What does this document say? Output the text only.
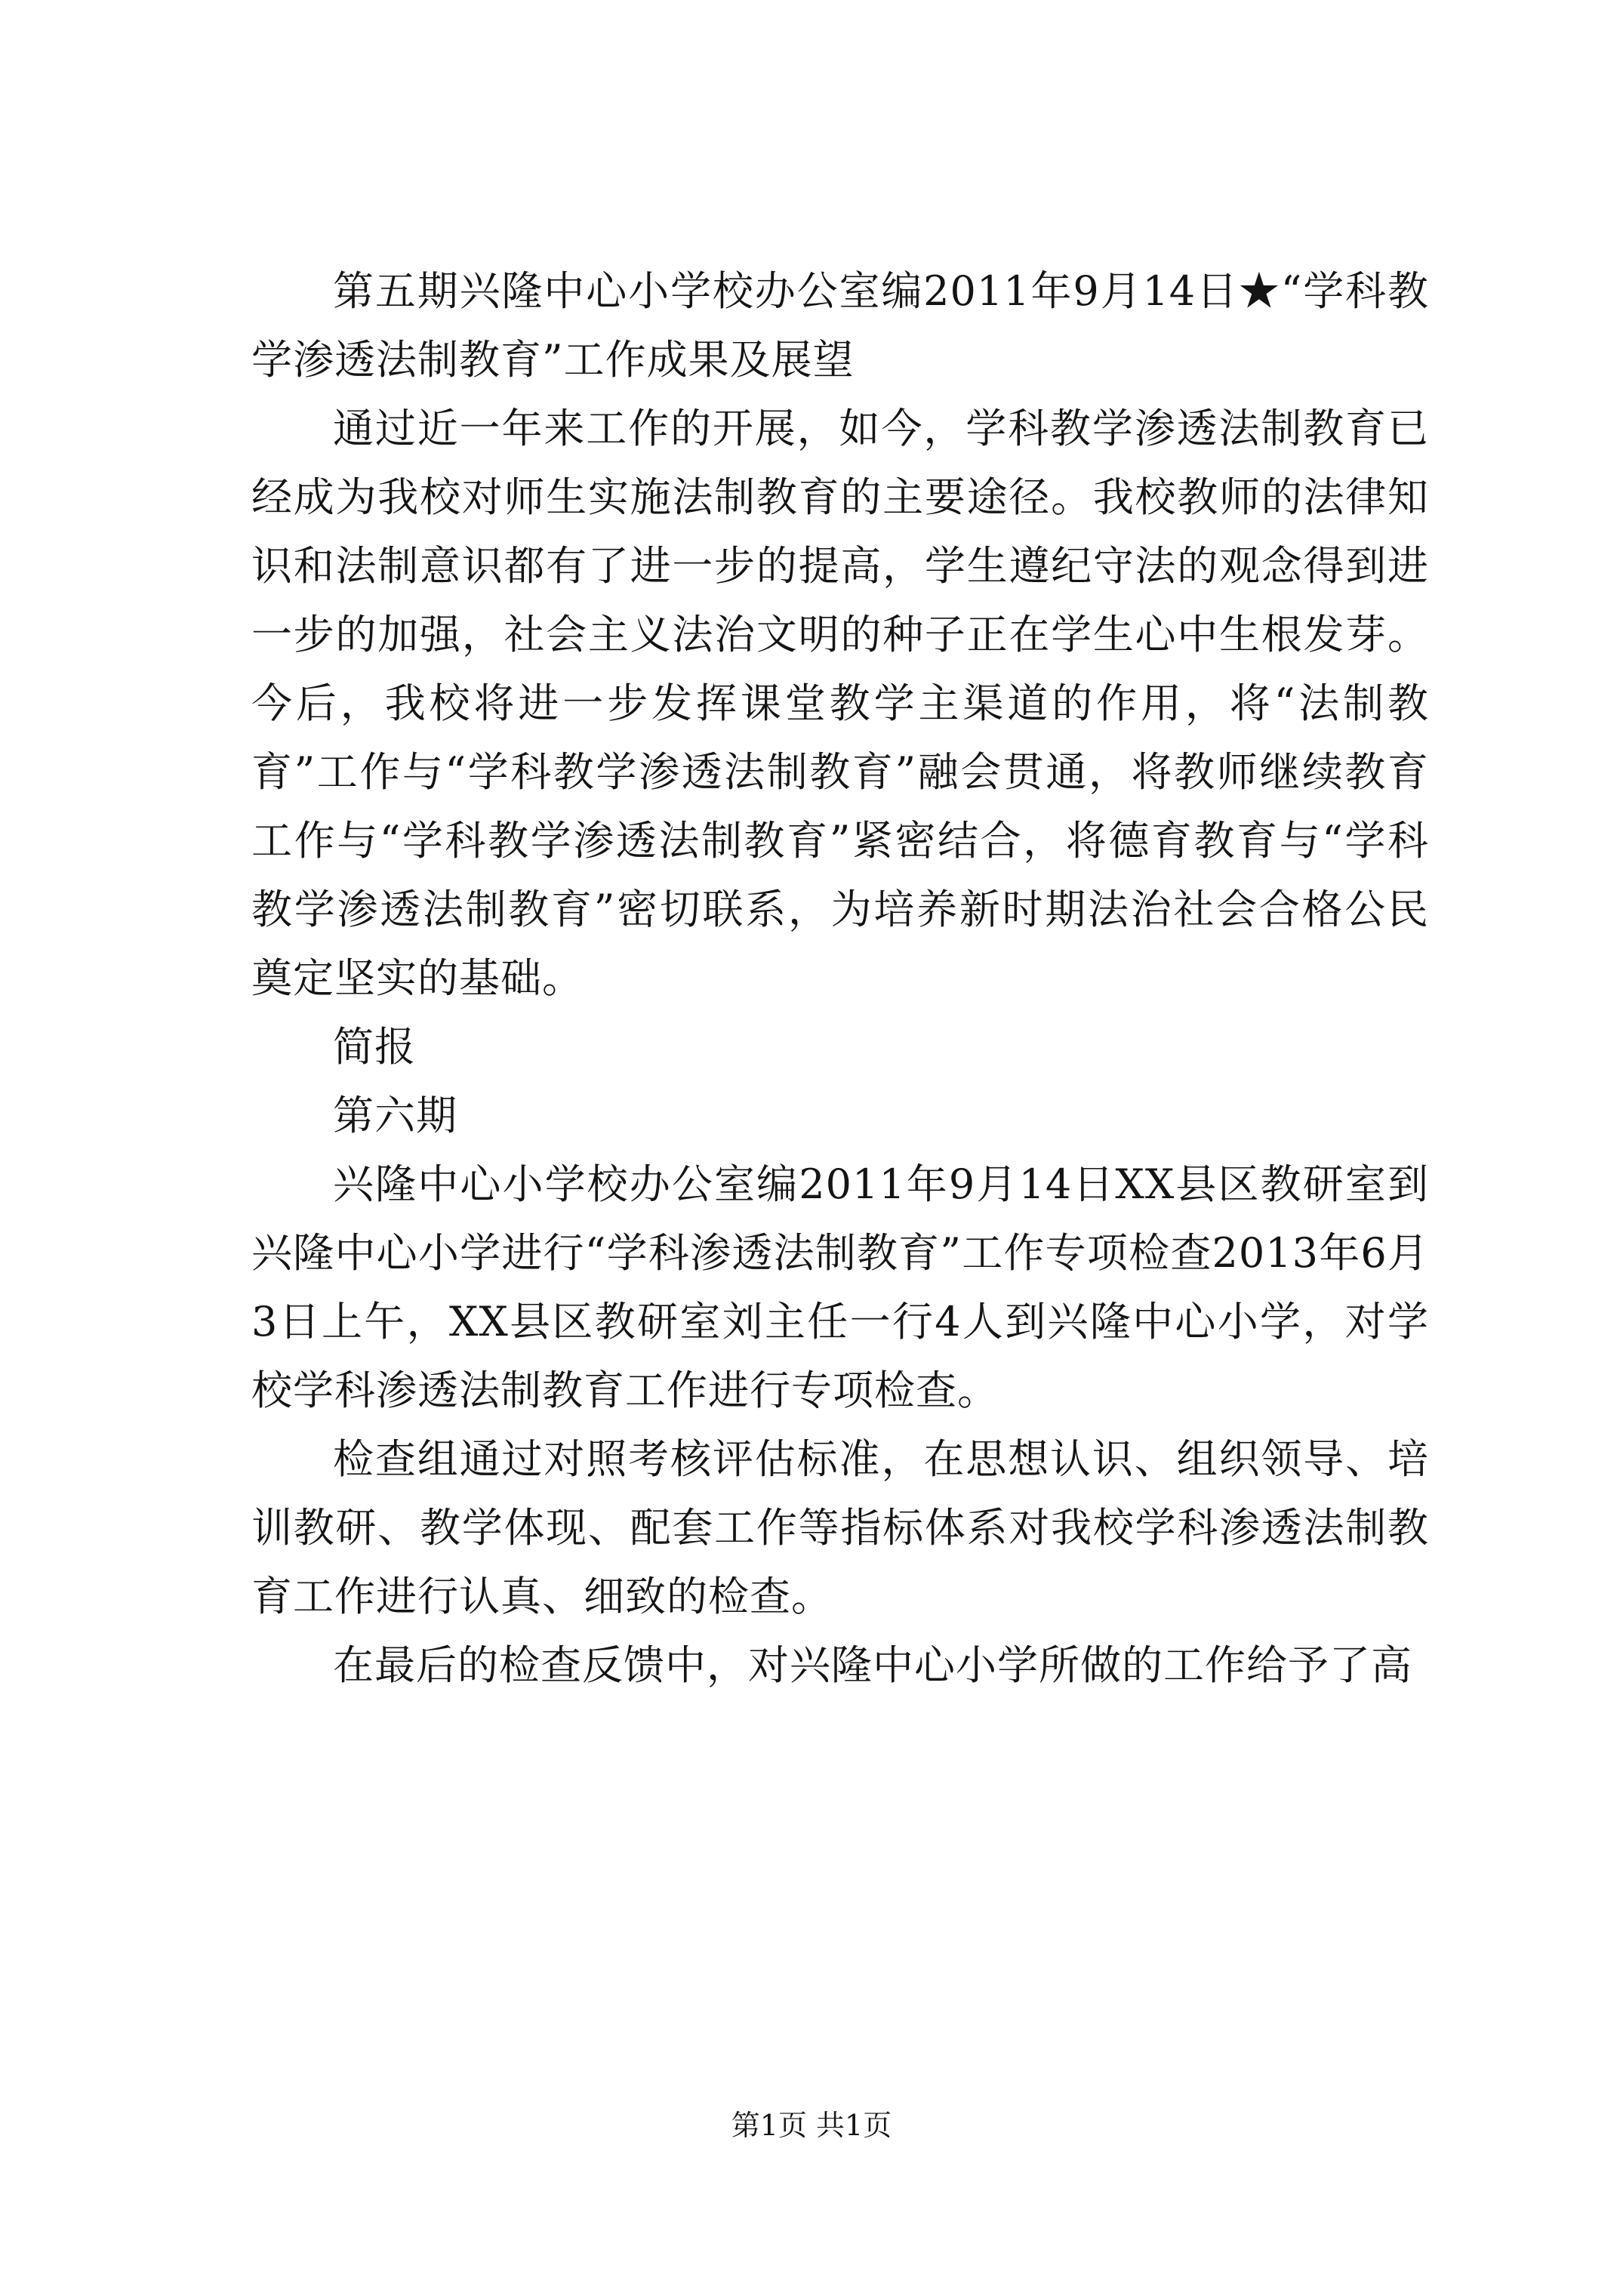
第五期兴隆中心小学校办公室编2011年9月14日★“学科教学渗透法制教育”工作成果及展望

通过近一年来工作的开展，如今，学科教学渗透法制教育已经成为我校对师生实施法制教育的主要途径。我校教师的法律知识和法制意识都有了进一步的提高，学生遵纪守法的观念得到进一步的加强，社会主义法治文明的种子正在学生心中生根发芽。今后，我校将进一步发挥课堂教学主渠道的作用，将“法制教育”工作与“学科教学渗透法制教育”融会贯通，将教师继续教育工作与“学科教学渗透法制教育”紧密结合，将德育教育与“学科教学渗透法制教育”密切联系，为培养新时期法治社会合格公民奠定坚实的基础。

简报

第六期

兴隆中心小学校办公室编2011年9月14日XX县区教研室到兴隆中心小学进行“学科渗透法制教育”工作专项检查2013年6月3日上午，XX县区教研室刘主任一行4人到兴隆中心小学，对学校学科渗透法制教育工作进行专项检查。

检查组通过对照考核评估标准，在思想认识、组织领导、培训教研、教学体现、配套工作等指标体系对我校学科渗透法制教育工作进行认真、细致的检查。

在最后的检查反馈中，对兴隆中心小学所做的工作给予了高

第1页 共1页
